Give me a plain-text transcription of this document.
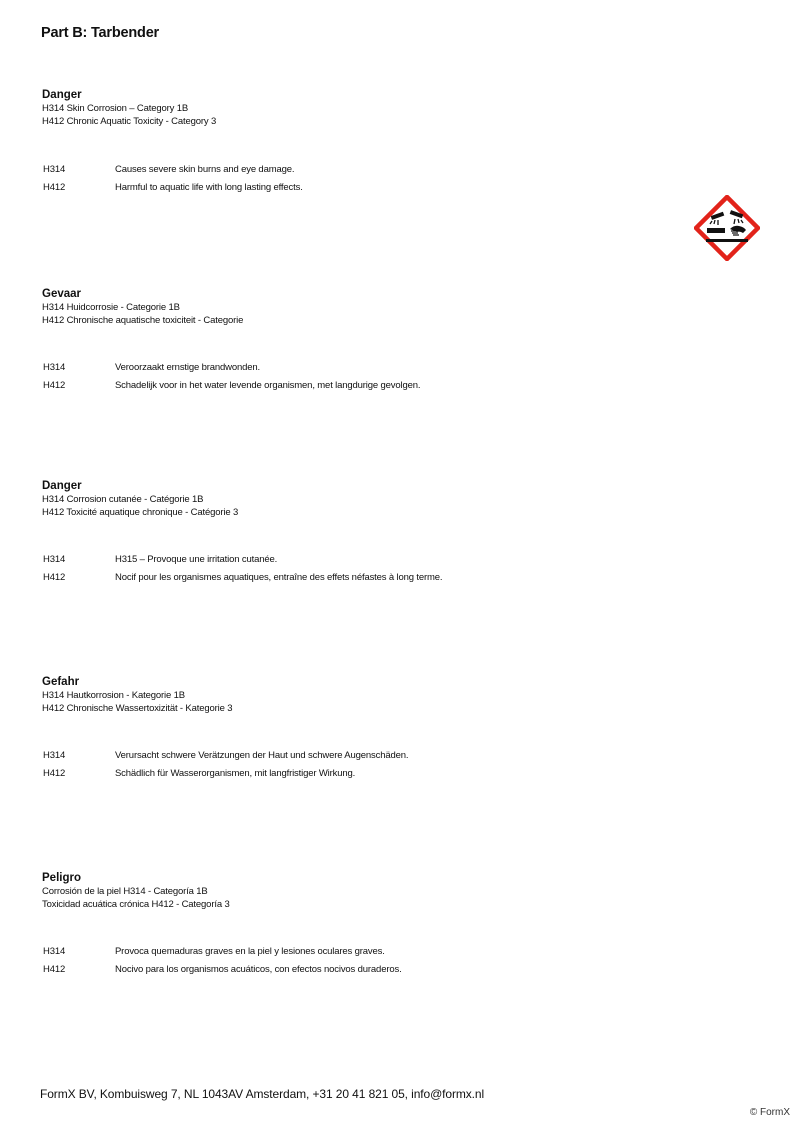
Part B: Tarbender
Danger
H314 Skin Corrosion – Category 1B
H412 Chronic Aquatic Toxicity - Category 3
H314	Causes severe skin burns and eye damage.
H412	Harmful to aquatic life with long lasting effects.
Gevaar
H314 Huidcorrosie - Categorie 1B
H412 Chronische aquatische toxiciteit - Categorie
H314	Veroorzaakt ernstige brandwonden.
H412	Schadelijk voor in het water levende organismen, met langdurige gevolgen.
Danger
H314 Corrosion cutanée - Catégorie 1B
H412 Toxicité aquatique chronique - Catégorie 3
H314	H315 – Provoque une irritation cutanée.
H412	Nocif pour les organismes aquatiques, entraîne des effets néfastes à long terme.
Gefahr
H314 Hautkorrosion - Kategorie 1B
H412 Chronische Wassertoxizität - Kategorie 3
H314	Verursacht schwere Verätzungen der Haut und schwere Augenschäden.
H412	Schädlich für Wasserorganismen, mit langfristiger Wirkung.
Peligro
Corrosión de la piel H314 - Categoría 1B
Toxicidad acuática crónica H412 - Categoría 3
H314	Provoca quemaduras graves en la piel y lesiones oculares graves.
H412	Nocivo para los organismos acuáticos, con efectos nocivos duraderos.
FormX BV, Kombuisweg 7, NL 1043AV Amsterdam, +31 20 41 821 05, info@formx.nl
© FormX
